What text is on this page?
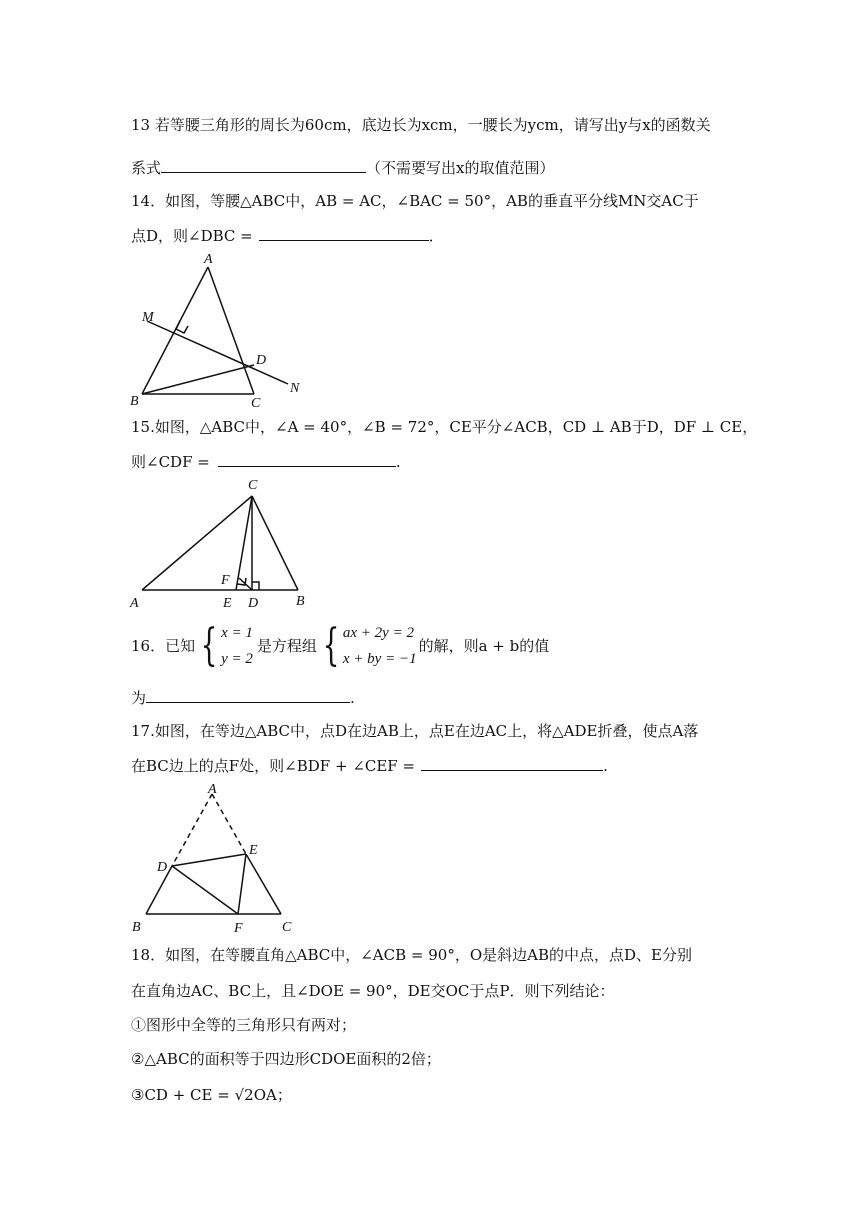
13 若等腰三角形的周长为60cm，底边长为xcm，一腰长为ycm，请写出y与x的函数关
系式	（不需要写出x的取值范围）
14．如图，等腰△ABC中，AB = AC，∠BAC = 50°，AB的垂直平分线MN交AC于
点D，则∠DBC =	．
A
B	C
D
M
N
15.如图，△ABC中，∠A = 40°，∠B = 72°，CE平分∠ACB，CD ⊥ AB于D，DF ⊥ CE，
则∠CDF =	.
C
A	E D	B
F
16．已知 { x = 1
y = 2
是方程组 { ax + 2y = 2
x + by = −1
的解，则a + b的值
为	.
17.如图，在等边△ABC中，点D在边AB上，点E在边AC上，将△ADE折叠，使点A落
在BC边上的点F处，则∠BDF + ∠CEF =	.
A
D
E
B	F	C
18．如图，在等腰直角△ABC中，∠ACB = 90°，O是斜边AB的中点，点D、E分别
在直角边AC、BC上，且∠DOE = 90°，DE交OC于点P．则下列结论：
①图形中全等的三角形只有两对；
②△ABC的面积等于四边形CDOE面积的2倍；
③CD + CE = √2OA；
